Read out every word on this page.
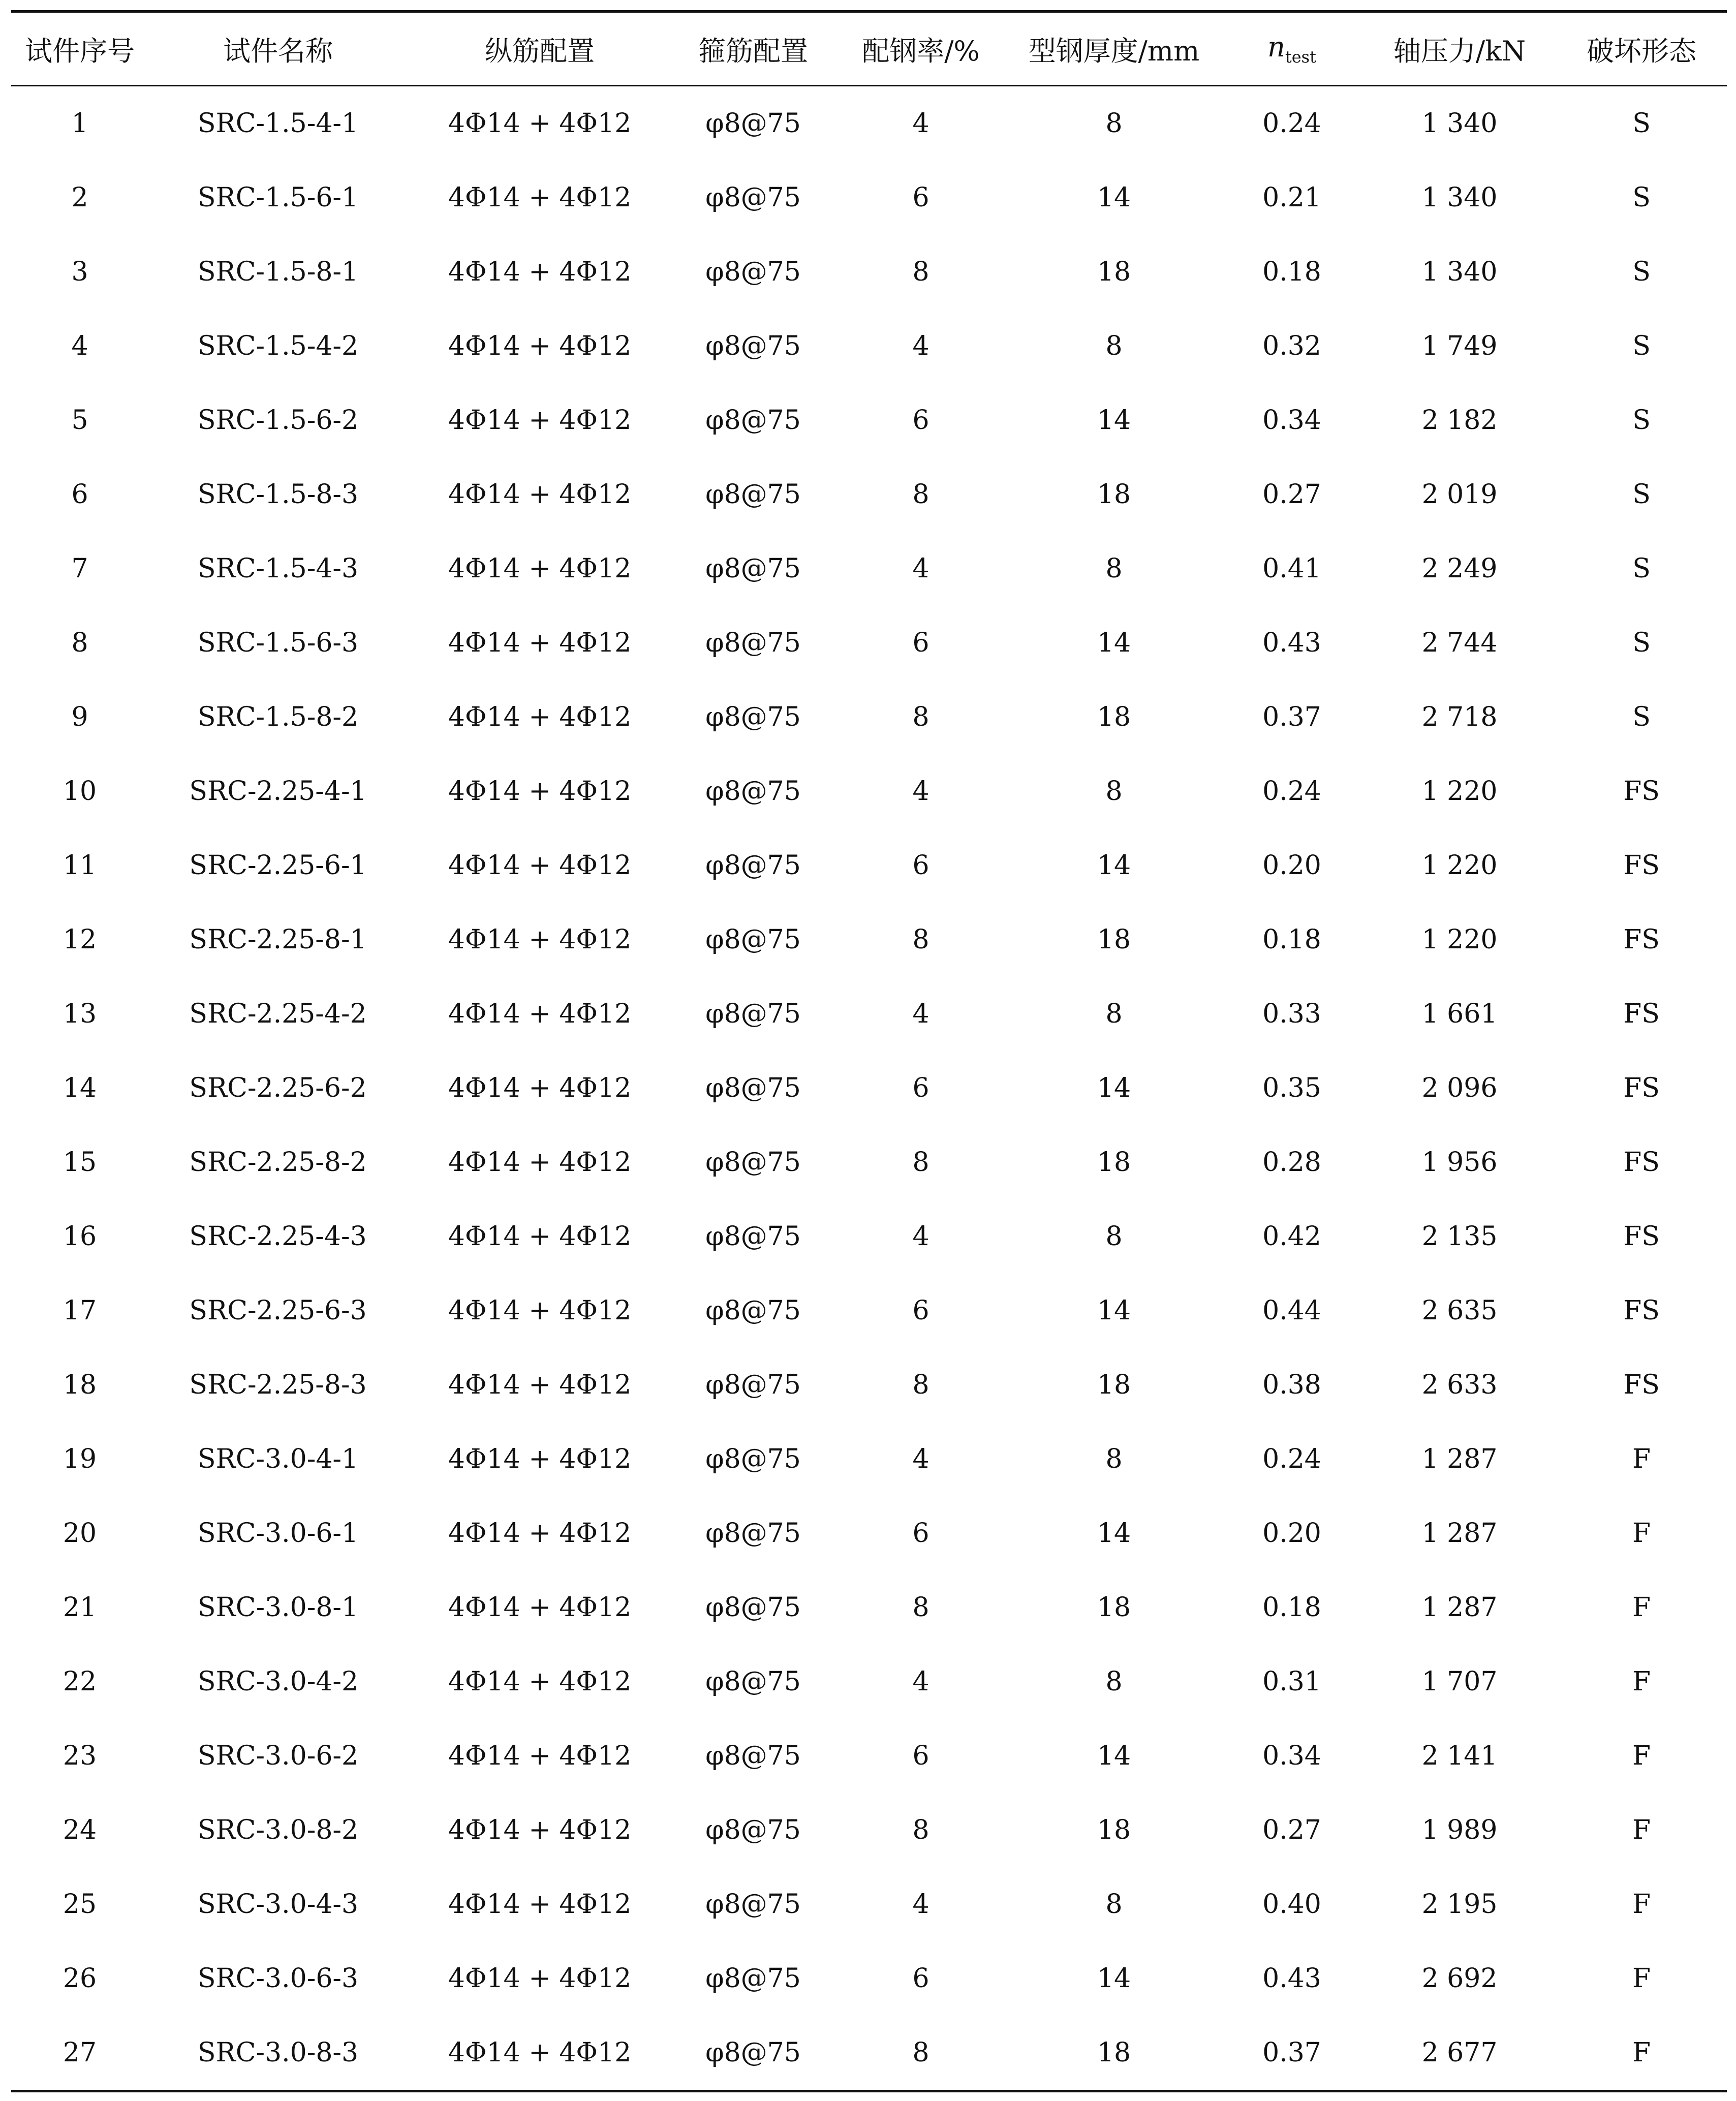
试件序号	试件名称	纵筋配置	箍筋配置	配钢率/%	型钢厚度/mm	$n_{test}$	轴压力/kN	破坏形态
1	SRC-1.5-4-1	4Φ14 + 4Φ12	φ8@75	4	8	0.24	1 340	S
2	SRC-1.5-6-1	4Φ14 + 4Φ12	φ8@75	6	14	0.21	1 340	S
3	SRC-1.5-8-1	4Φ14 + 4Φ12	φ8@75	8	18	0.18	1 340	S
4	SRC-1.5-4-2	4Φ14 + 4Φ12	φ8@75	4	8	0.32	1 749	S
5	SRC-1.5-6-2	4Φ14 + 4Φ12	φ8@75	6	14	0.34	2 182	S
6	SRC-1.5-8-3	4Φ14 + 4Φ12	φ8@75	8	18	0.27	2 019	S
7	SRC-1.5-4-3	4Φ14 + 4Φ12	φ8@75	4	8	0.41	2 249	S
8	SRC-1.5-6-3	4Φ14 + 4Φ12	φ8@75	6	14	0.43	2 744	S
9	SRC-1.5-8-2	4Φ14 + 4Φ12	φ8@75	8	18	0.37	2 718	S
10	SRC-2.25-4-1	4Φ14 + 4Φ12	φ8@75	4	8	0.24	1 220	FS
11	SRC-2.25-6-1	4Φ14 + 4Φ12	φ8@75	6	14	0.20	1 220	FS
12	SRC-2.25-8-1	4Φ14 + 4Φ12	φ8@75	8	18	0.18	1 220	FS
13	SRC-2.25-4-2	4Φ14 + 4Φ12	φ8@75	4	8	0.33	1 661	FS
14	SRC-2.25-6-2	4Φ14 + 4Φ12	φ8@75	6	14	0.35	2 096	FS
15	SRC-2.25-8-2	4Φ14 + 4Φ12	φ8@75	8	18	0.28	1 956	FS
16	SRC-2.25-4-3	4Φ14 + 4Φ12	φ8@75	4	8	0.42	2 135	FS
17	SRC-2.25-6-3	4Φ14 + 4Φ12	φ8@75	6	14	0.44	2 635	FS
18	SRC-2.25-8-3	4Φ14 + 4Φ12	φ8@75	8	18	0.38	2 633	FS
19	SRC-3.0-4-1	4Φ14 + 4Φ12	φ8@75	4	8	0.24	1 287	F
20	SRC-3.0-6-1	4Φ14 + 4Φ12	φ8@75	6	14	0.20	1 287	F
21	SRC-3.0-8-1	4Φ14 + 4Φ12	φ8@75	8	18	0.18	1 287	F
22	SRC-3.0-4-2	4Φ14 + 4Φ12	φ8@75	4	8	0.31	1 707	F
23	SRC-3.0-6-2	4Φ14 + 4Φ12	φ8@75	6	14	0.34	2 141	F
24	SRC-3.0-8-2	4Φ14 + 4Φ12	φ8@75	8	18	0.27	1 989	F
25	SRC-3.0-4-3	4Φ14 + 4Φ12	φ8@75	4	8	0.40	2 195	F
26	SRC-3.0-6-3	4Φ14 + 4Φ12	φ8@75	6	14	0.43	2 692	F
27	SRC-3.0-8-3	4Φ14 + 4Φ12	φ8@75	8	18	0.37	2 677	F
